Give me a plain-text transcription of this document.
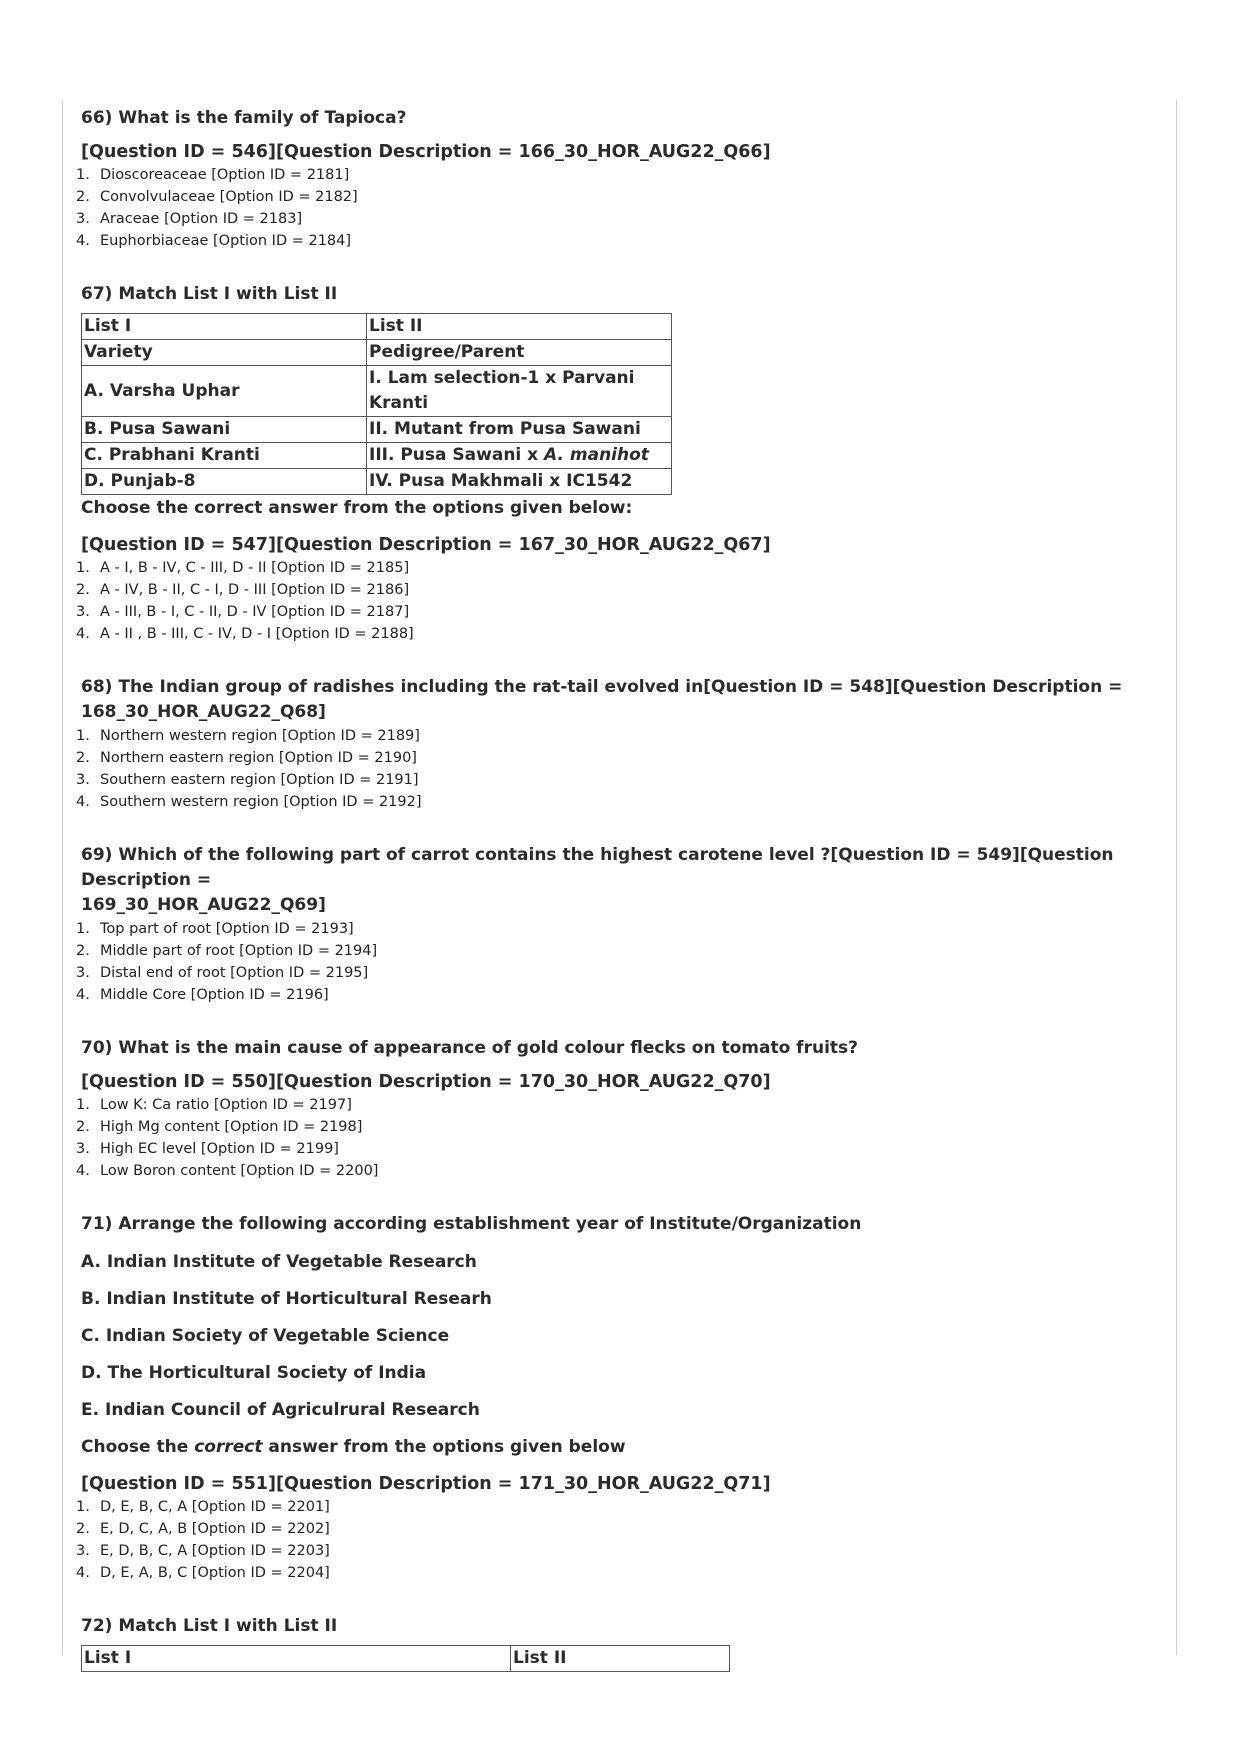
66) What is the family of Tapioca?
[Question ID = 546][Question Description = 166_30_HOR_AUG22_Q66]
1. Dioscoreaceae [Option ID = 2181]
2. Convolvulaceae [Option ID = 2182]
3. Araceae [Option ID = 2183]
4. Euphorbiaceae [Option ID = 2184]
67) Match List I with List II
List I	List II
Variety	Pedigree/Parent
A. Varsha Uphar	I. Lam selection-1 x Parvani Kranti
B. Pusa Sawani	II. Mutant from Pusa Sawani
C. Prabhani Kranti	III. Pusa Sawani x A. manihot
D. Punjab-8	IV. Pusa Makhmali x IC1542
Choose the correct answer from the options given below:
[Question ID = 547][Question Description = 167_30_HOR_AUG22_Q67]
1. A - I, B - IV, C - III, D - II [Option ID = 2185]
2. A - IV, B - II, C - I, D - III [Option ID = 2186]
3. A - III, B - I, C - II, D - IV [Option ID = 2187]
4. A - II , B - III, C - IV, D - I [Option ID = 2188]
68) The Indian group of radishes including the rat-tail evolved in[Question ID = 548][Question Description =
168_30_HOR_AUG22_Q68]
1. Northern western region [Option ID = 2189]
2. Northern eastern region [Option ID = 2190]
3. Southern eastern region [Option ID = 2191]
4. Southern western region [Option ID = 2192]
69) Which of the following part of carrot contains the highest carotene level ?[Question ID = 549][Question Description =
169_30_HOR_AUG22_Q69]
1. Top part of root [Option ID = 2193]
2. Middle part of root [Option ID = 2194]
3. Distal end of root [Option ID = 2195]
4. Middle Core [Option ID = 2196]
70) What is the main cause of appearance of gold colour flecks on tomato fruits?
[Question ID = 550][Question Description = 170_30_HOR_AUG22_Q70]
1. Low K: Ca ratio [Option ID = 2197]
2. High Mg content [Option ID = 2198]
3. High EC level [Option ID = 2199]
4. Low Boron content [Option ID = 2200]
71) Arrange the following according establishment year of Institute/Organization
A. Indian Institute of Vegetable Research
B. Indian Institute of Horticultural Researh
C. Indian Society of Vegetable Science
D. The Horticultural Society of India
E. Indian Council of Agriculrural Research
Choose the correct answer from the options given below
[Question ID = 551][Question Description = 171_30_HOR_AUG22_Q71]
1. D, E, B, C, A [Option ID = 2201]
2. E, D, C, A, B [Option ID = 2202]
3. E, D, B, C, A [Option ID = 2203]
4. D, E, A, B, C [Option ID = 2204]
72) Match List I with List II
List I	List II
